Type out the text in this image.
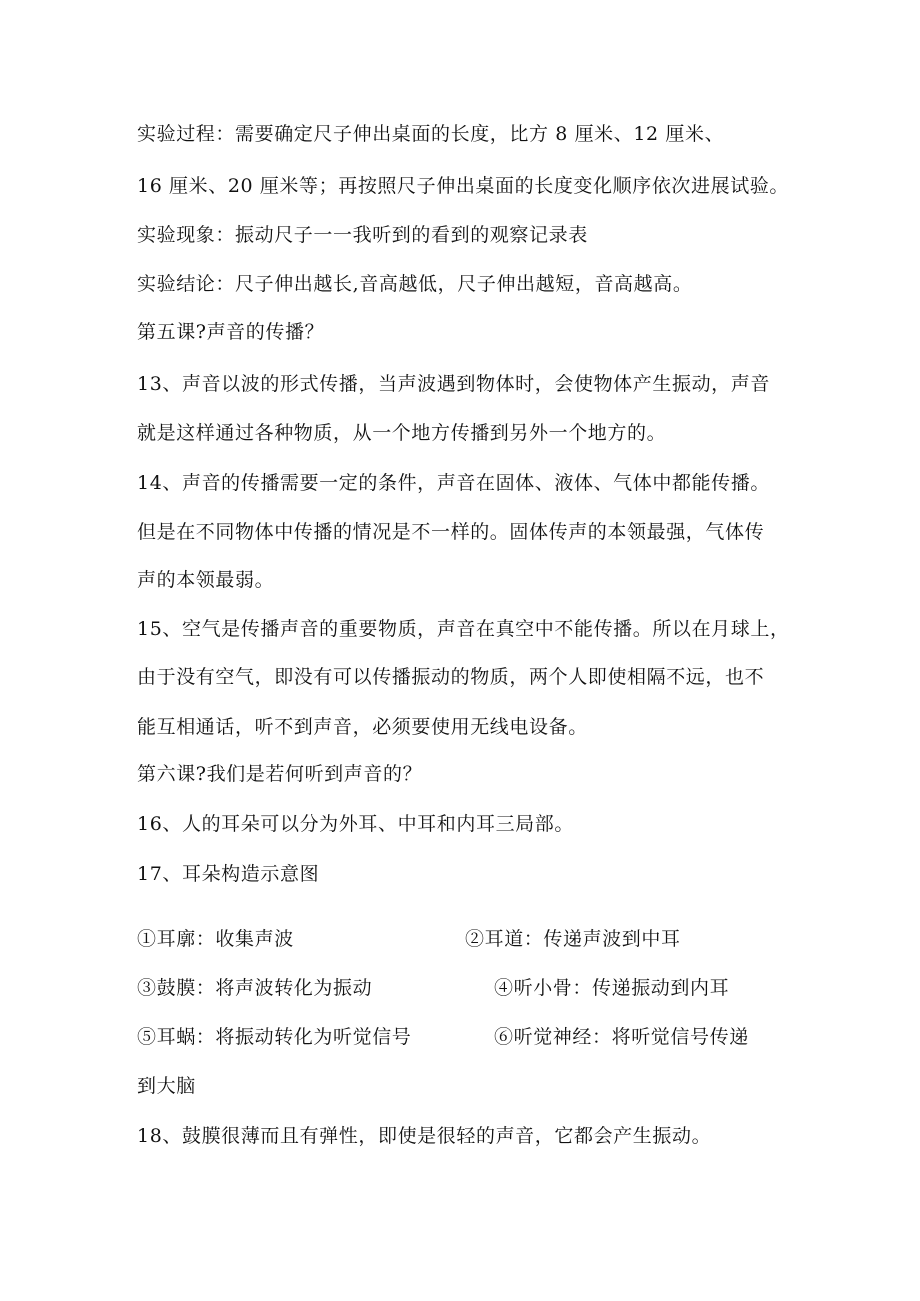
实验过程：需要确定尺子伸出桌面的长度，比方 8 厘米、12 厘米、
16 厘米、20 厘米等；再按照尺子伸出桌面的长度变化顺序依次进展试验。
实验现象：振动尺子一一我听到的看到的观察记录表
实验结论：尺子伸出越长,音高越低，尺子伸出越短，音高越高。
第五课?声音的传播？
13、声音以波的形式传播，当声波遇到物体时，会使物体产生振动，声音
就是这样通过各种物质，从一个地方传播到另外一个地方的。
14、声音的传播需要一定的条件，声音在固体、液体、气体中都能传播。
但是在不同物体中传播的情况是不一样的。固体传声的本领最强，气体传
声的本领最弱。
15、空气是传播声音的重要物质，声音在真空中不能传播。所以在月球上，
由于没有空气，即没有可以传播振动的物质，两个人即使相隔不远，也不
能互相通话，听不到声音，必须要使用无线电设备。
第六课?我们是若何听到声音的？
16、人的耳朵可以分为外耳、中耳和内耳三局部。
17、耳朵构造示意图
①耳廓：收集声波	②耳道：传递声波到中耳
③鼓膜：将声波转化为振动	④听小骨：传递振动到内耳
⑤耳蜗：将振动转化为听觉信号	⑥听觉神经：将听觉信号传递
到大脑
18、鼓膜很薄而且有弹性，即使是很轻的声音，它都会产生振动。
